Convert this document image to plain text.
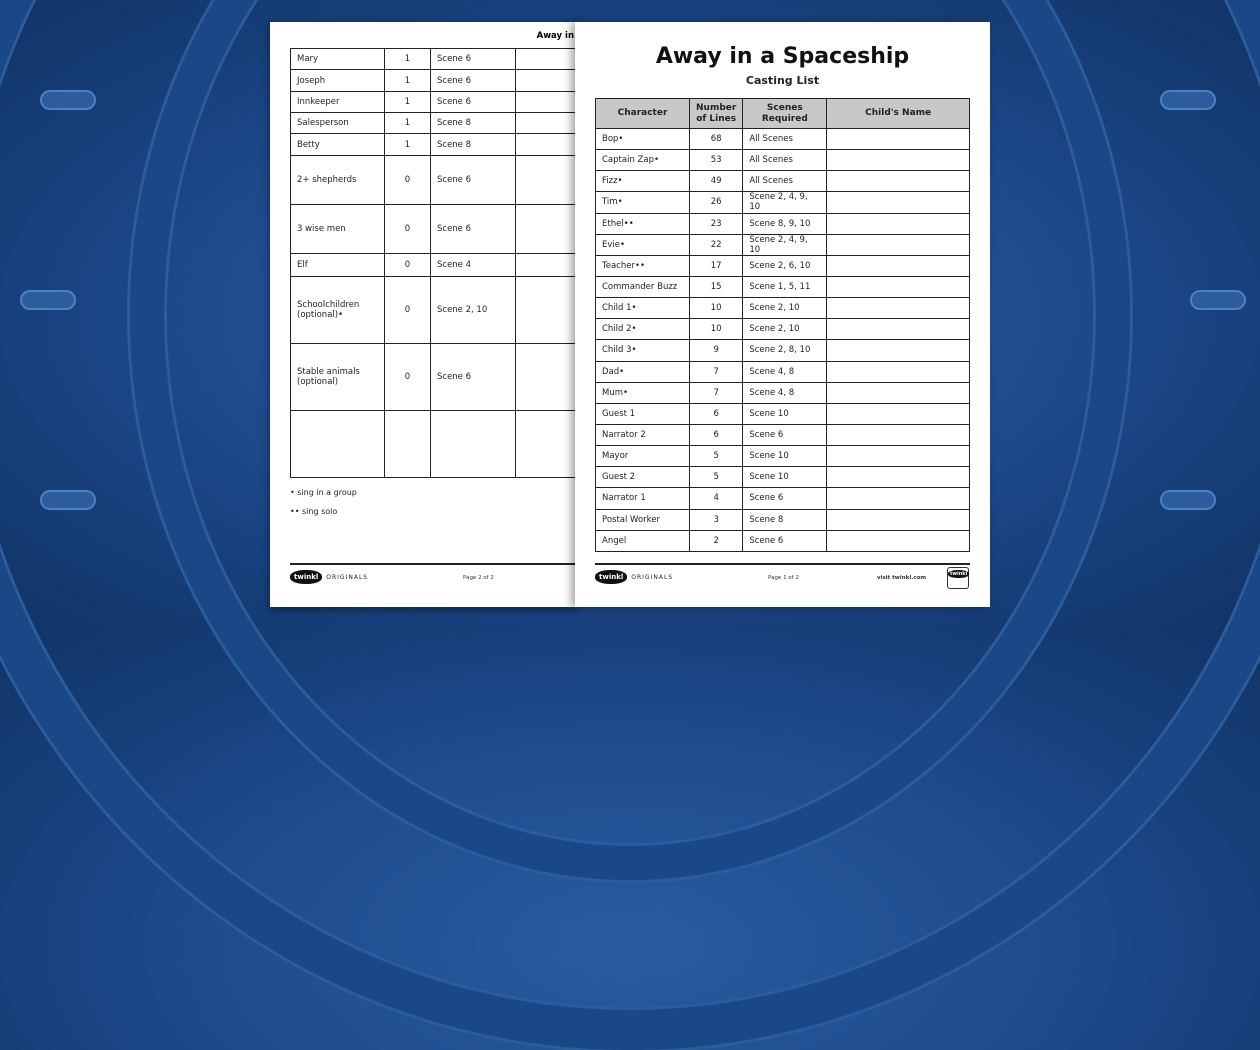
Away in
Mary	1	Scene 6	
Joseph	1	Scene 6	
Innkeeper	1	Scene 6	
Salesperson	1	Scene 8	
Betty	1	Scene 8	
2+ shepherds	0	Scene 6	
3 wise men	0	Scene 6	
Elf	0	Scene 4	
Schoolchildren (optional)•	0	Scene 2, 10	
Stable animals (optional)	0	Scene 6	

• sing in a group
•• sing solo
twinkl	ORIGINALS	Page 2 of 2
Away in a Spaceship
Casting List
Character	Number of Lines	Scenes Required	Child's Name
Bop•	68	All Scenes	
Captain Zap•	53	All Scenes	
Fizz•	49	All Scenes	
Tim•	26	Scene 2, 4, 9, 10	
Ethel••	23	Scene 8, 9, 10	
Evie•	22	Scene 2, 4, 9, 10	
Teacher••	17	Scene 2, 6, 10	
Commander Buzz	15	Scene 1, 5, 11	
Child 1•	10	Scene 2, 10	
Child 2•	10	Scene 2, 10	
Child 3•	9	Scene 2, 8, 10	
Dad•	7	Scene 4, 8	
Mum•	7	Scene 4, 8	
Guest 1	6	Scene 10	
Narrator 2	6	Scene 6	
Mayor	5	Scene 10	
Guest 2	5	Scene 10	
Narrator 1	4	Scene 6	
Postal Worker	3	Scene 8	
Angel	2	Scene 6	
twinkl	ORIGINALS	Page 1 of 2	visit twinkl.com
twinkl
